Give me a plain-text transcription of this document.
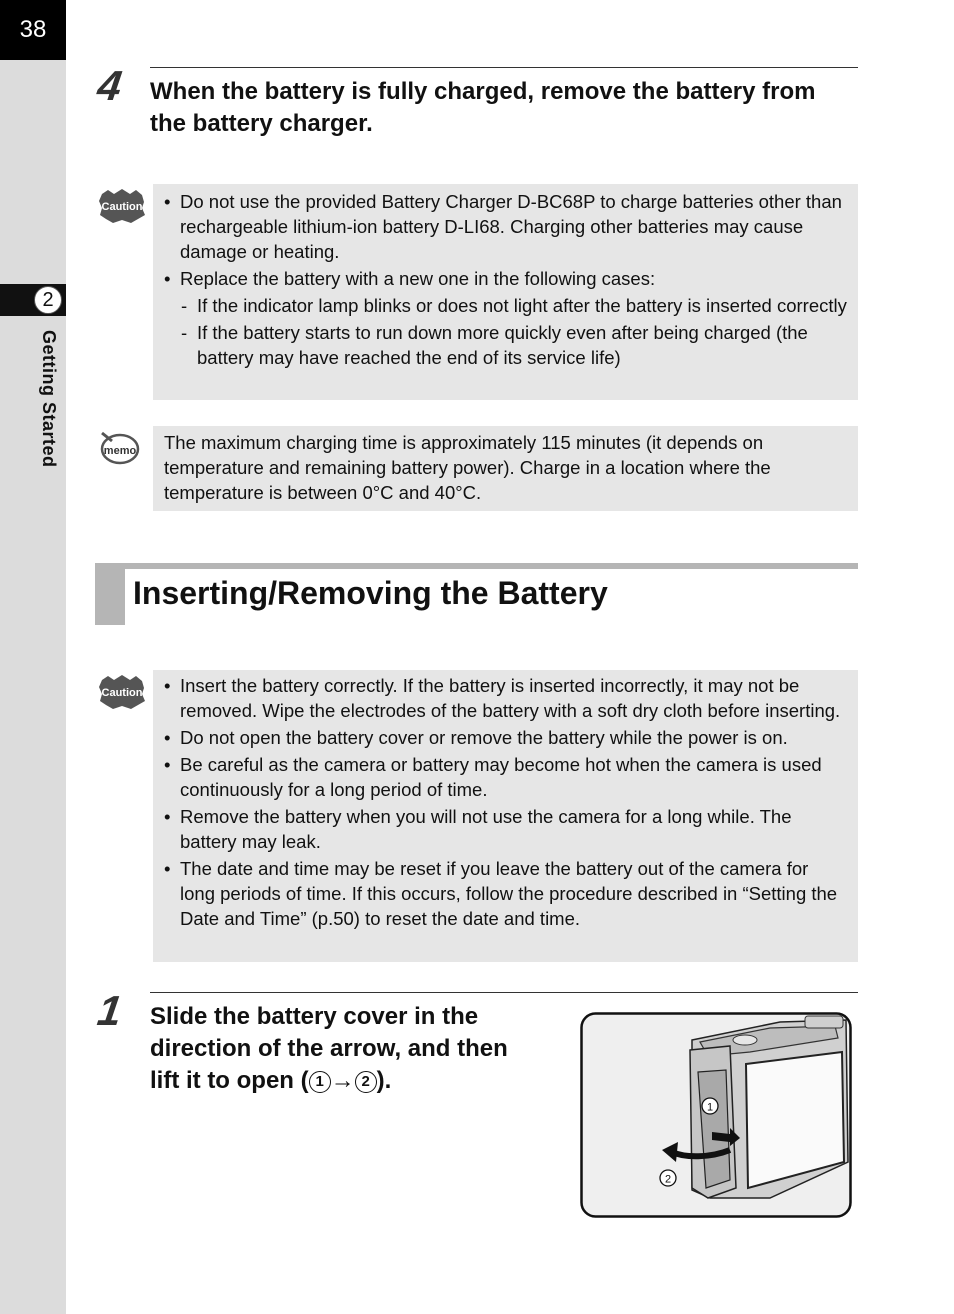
38
2
Getting Started
4 When the battery is fully charged, remove the battery from
the battery charger.
Caution	• Do not use the provided Battery Charger D-BC68P to charge batteries other than rechargeable lithium-ion battery D-LI68. Charging other batteries may cause damage or heating.
• Replace the battery with a new one in the following cases:
- If the indicator lamp blinks or does not light after the battery is inserted correctly
- If the battery starts to run down more quickly even after being charged (the battery may have reached the end of its service life)
memo The maximum charging time is approximately 115 minutes (it depends on temperature and remaining battery power). Charge in a location where the temperature is between 0°C and 40°C.
Inserting/Removing the Battery
Caution	• Insert the battery correctly. If the battery is inserted incorrectly, it may not be removed. Wipe the electrodes of the battery with a soft dry cloth before inserting.
• Do not open the battery cover or remove the battery while the power is on.
• Be careful as the camera or battery may become hot when the camera is used continuously for a long period of time.
• Remove the battery when you will not use the camera for a long while. The battery may leak.
• The date and time may be reset if you leave the battery out of the camera for long periods of time. If this occurs, follow the procedure described in “Setting the Date and Time” (p.50) to reset the date and time.
1 Slide the battery cover in the
direction of the arrow, and then
lift it to open ( 1 → 2 ).
1
2
